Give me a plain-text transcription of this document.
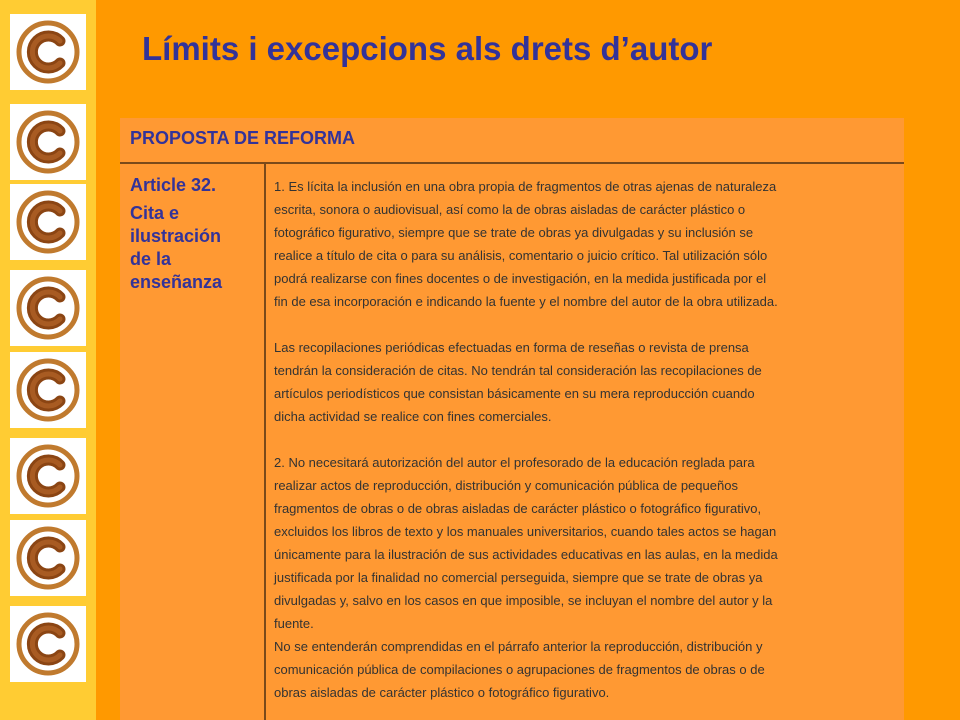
Límits i excepcions als drets d’autor
PROPOSTA DE REFORMA
Article 32.
Cita e
ilustración
de la
enseñanza
1. Es lícita la inclusión en una obra propia de fragmentos de otras ajenas de naturaleza
escrita, sonora o audiovisual, así como la de obras aisladas de carácter plástico o
fotográfico figurativo, siempre que se trate de obras ya divulgadas y su inclusión se
realice a título de cita o para su análisis, comentario o juicio crítico. Tal utilización sólo
podrá realizarse con fines docentes o de investigación, en la medida justificada por el
fin de esa incorporación e indicando la fuente y el nombre del autor de la obra utilizada.
Las recopilaciones periódicas efectuadas en forma de reseñas o revista de prensa
tendrán la consideración de citas. No tendrán tal consideración las recopilaciones de
artículos periodísticos que consistan básicamente en su mera reproducción cuando
dicha actividad se realice con fines comerciales.
2. No necesitará autorización del autor el profesorado de la educación reglada para
realizar actos de reproducción, distribución y comunicación pública de pequeños
fragmentos de obras o de obras aisladas de carácter plástico o fotográfico figurativo,
excluidos los libros de texto y los manuales universitarios, cuando tales actos se hagan
únicamente para la ilustración de sus actividades educativas en las aulas, en la medida
justificada por la finalidad no comercial perseguida, siempre que se trate de obras ya
divulgadas y, salvo en los casos en que imposible, se incluyan el nombre del autor y la
fuente.
No se entenderán comprendidas en el párrafo anterior la reproducción, distribución y
comunicación pública de compilaciones o agrupaciones de fragmentos de obras o de
obras aisladas de carácter plástico o fotográfico figurativo.
